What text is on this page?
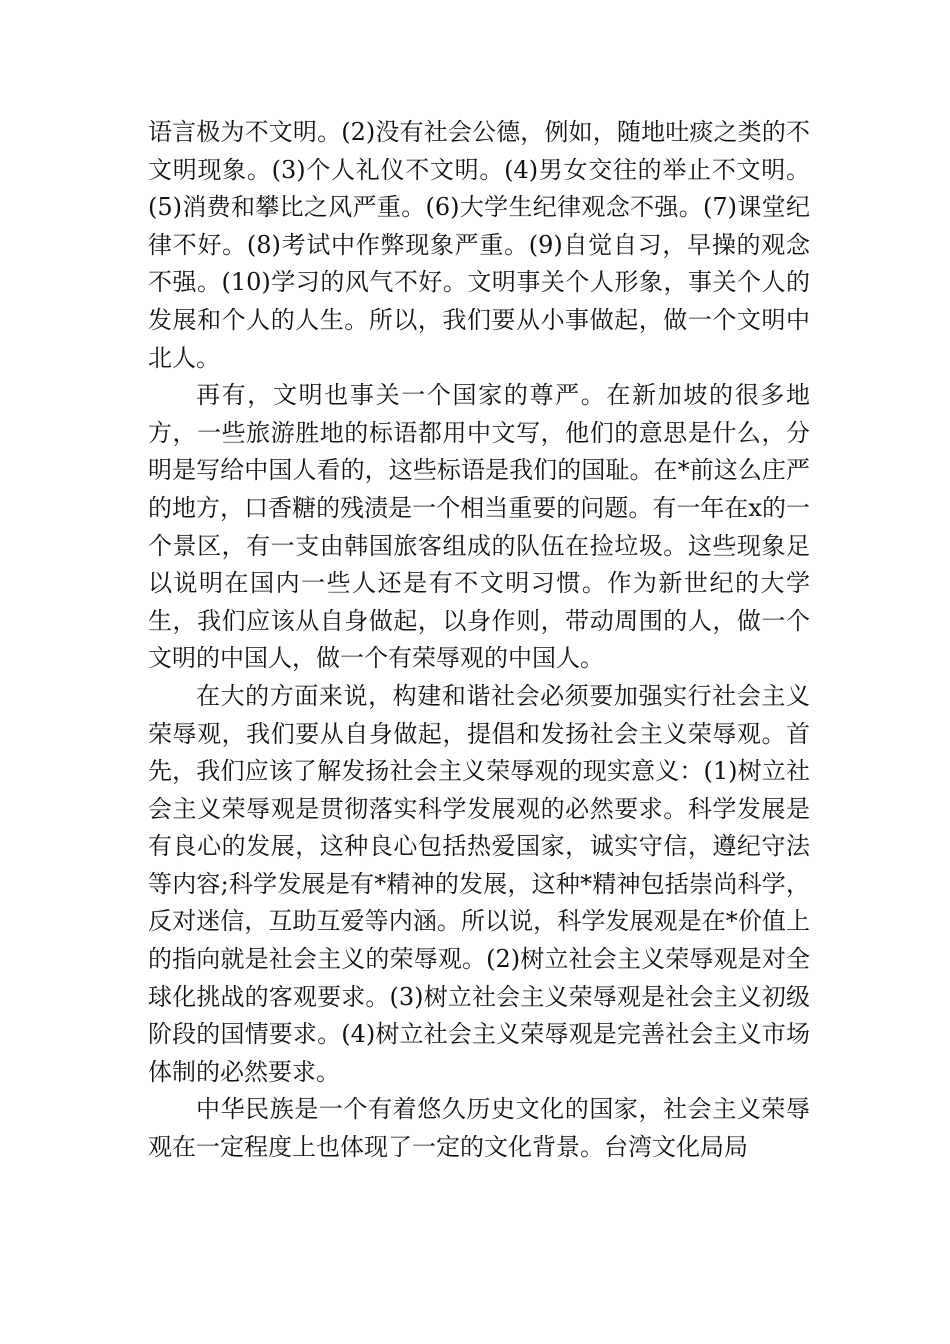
语言极为不文明。(2)没有社会公德，例如，随地吐痰之类的不文明现象。(3)个人礼仪不文明。(4)男女交往的举止不文明。(5)消费和攀比之风严重。(6)大学生纪律观念不强。(7)课堂纪律不好。(8)考试中作弊现象严重。(9)自觉自习，早操的观念不强。(10)学习的风气不好。文明事关个人形象，事关个人的发展和个人的人生。所以，我们要从小事做起，做一个文明中北人。

再有，文明也事关一个国家的尊严。在新加坡的很多地方，一些旅游胜地的标语都用中文写，他们的意思是什么，分明是写给中国人看的，这些标语是我们的国耻。在*前这么庄严的地方，口香糖的残渍是一个相当重要的问题。有一年在x的一个景区，有一支由韩国旅客组成的队伍在捡垃圾。这些现象足以说明在国内一些人还是有不文明习惯。作为新世纪的大学生，我们应该从自身做起，以身作则，带动周围的人，做一个文明的中国人，做一个有荣辱观的中国人。

在大的方面来说，构建和谐社会必须要加强实行社会主义荣辱观，我们要从自身做起，提倡和发扬社会主义荣辱观。首先，我们应该了解发扬社会主义荣辱观的现实意义：(1)树立社会主义荣辱观是贯彻落实科学发展观的必然要求。科学发展是有良心的发展，这种良心包括热爱国家，诚实守信，遵纪守法等内容;科学发展是有*精神的发展，这种*精神包括崇尚科学，反对迷信，互助互爱等内涵。所以说，科学发展观是在*价值上的指向就是社会主义的荣辱观。(2)树立社会主义荣辱观是对全球化挑战的客观要求。(3)树立社会主义荣辱观是社会主义初级阶段的国情要求。(4)树立社会主义荣辱观是完善社会主义市场体制的必然要求。

中华民族是一个有着悠久历史文化的国家，社会主义荣辱观在一定程度上也体现了一定的文化背景。台湾文化局局
